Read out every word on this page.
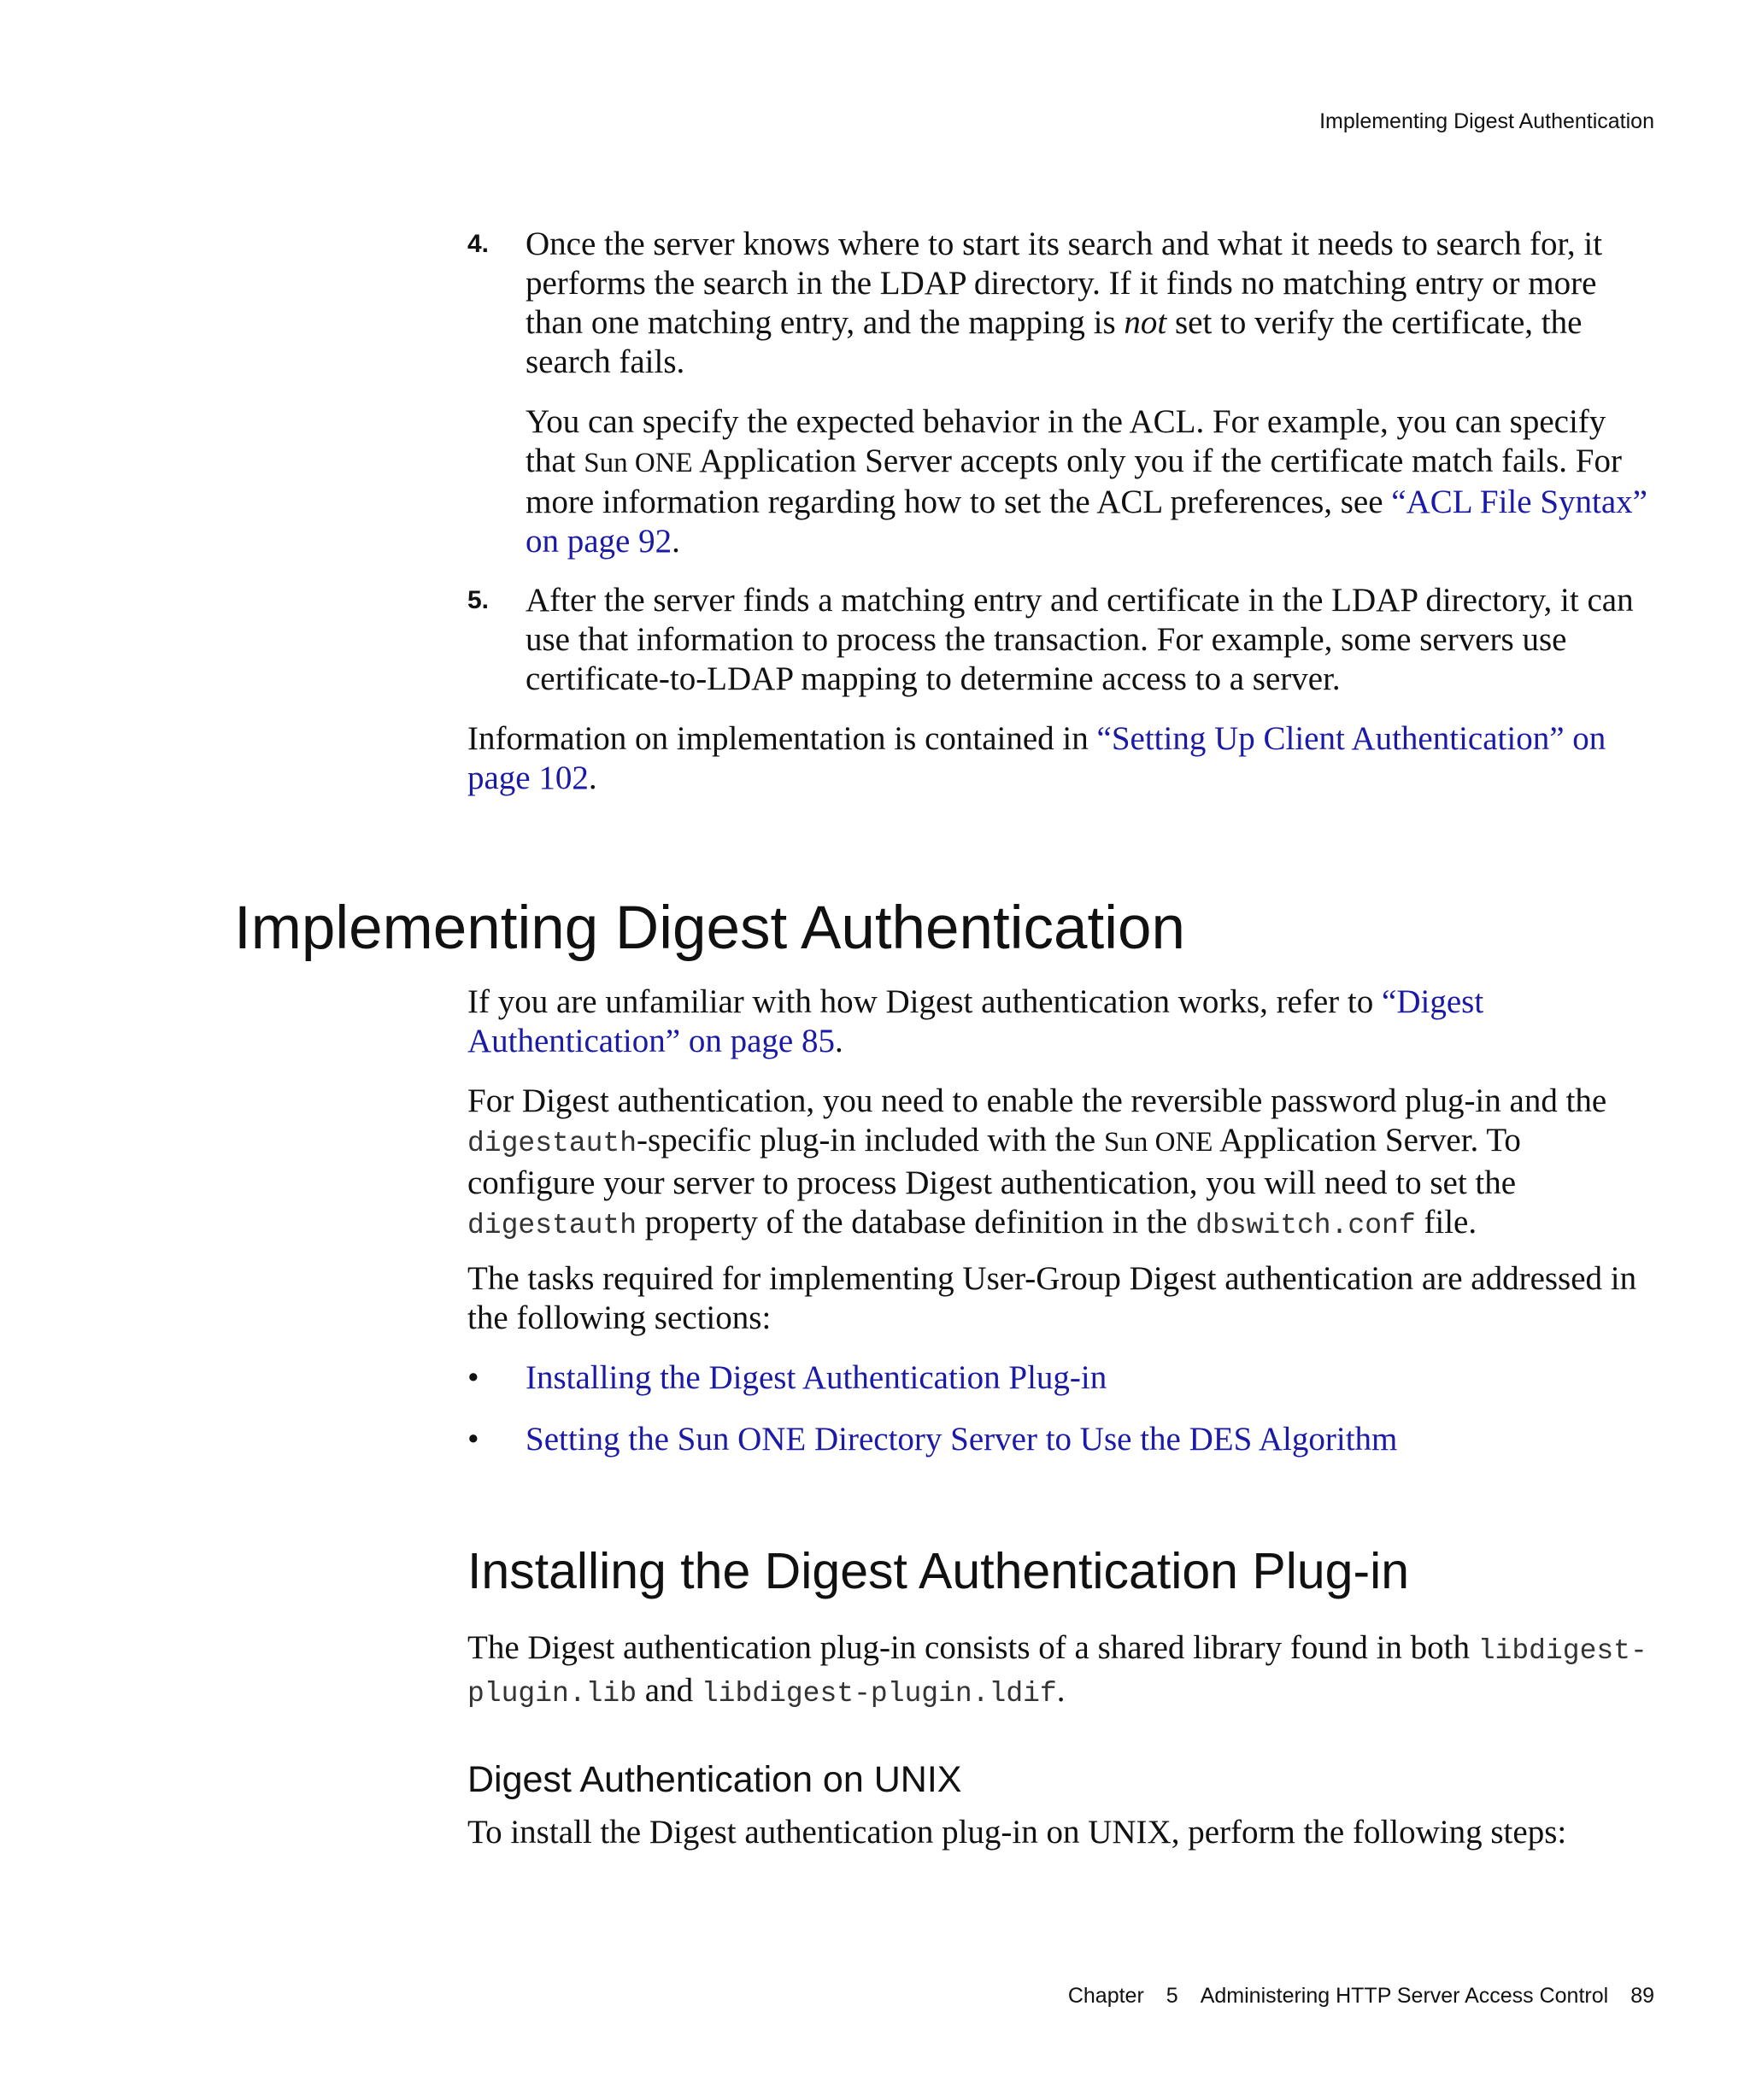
Implementing Digest Authentication
4. Once the server knows where to start its search and what it needs to search for, it performs the search in the LDAP directory. If it finds no matching entry or more than one matching entry, and the mapping is not set to verify the certificate, the search fails.

You can specify the expected behavior in the ACL. For example, you can specify that Sun ONE Application Server accepts only you if the certificate match fails. For more information regarding how to set the ACL preferences, see “ACL File Syntax” on page 92.

5. After the server finds a matching entry and certificate in the LDAP directory, it can use that information to process the transaction. For example, some servers use certificate-to-LDAP mapping to determine access to a server.

Information on implementation is contained in “Setting Up Client Authentication” on page 102.

Implementing Digest Authentication

If you are unfamiliar with how Digest authentication works, refer to “Digest Authentication” on page 85.

For Digest authentication, you need to enable the reversible password plug-in and the digestauth-specific plug-in included with the Sun ONE Application Server. To configure your server to process Digest authentication, you will need to set the digestauth property of the database definition in the dbswitch.conf file.

The tasks required for implementing User-Group Digest authentication are addressed in the following sections:
• Installing the Digest Authentication Plug-in
• Setting the Sun ONE Directory Server to Use the DES Algorithm
Installing the Digest Authentication Plug-in

The Digest authentication plug-in consists of a shared library found in both libdigest-plugin.lib and libdigest-plugin.ldif.

Digest Authentication on UNIX
To install the Digest authentication plug-in on UNIX, perform the following steps:
Chapter 5 Administering HTTP Server Access Control 89
